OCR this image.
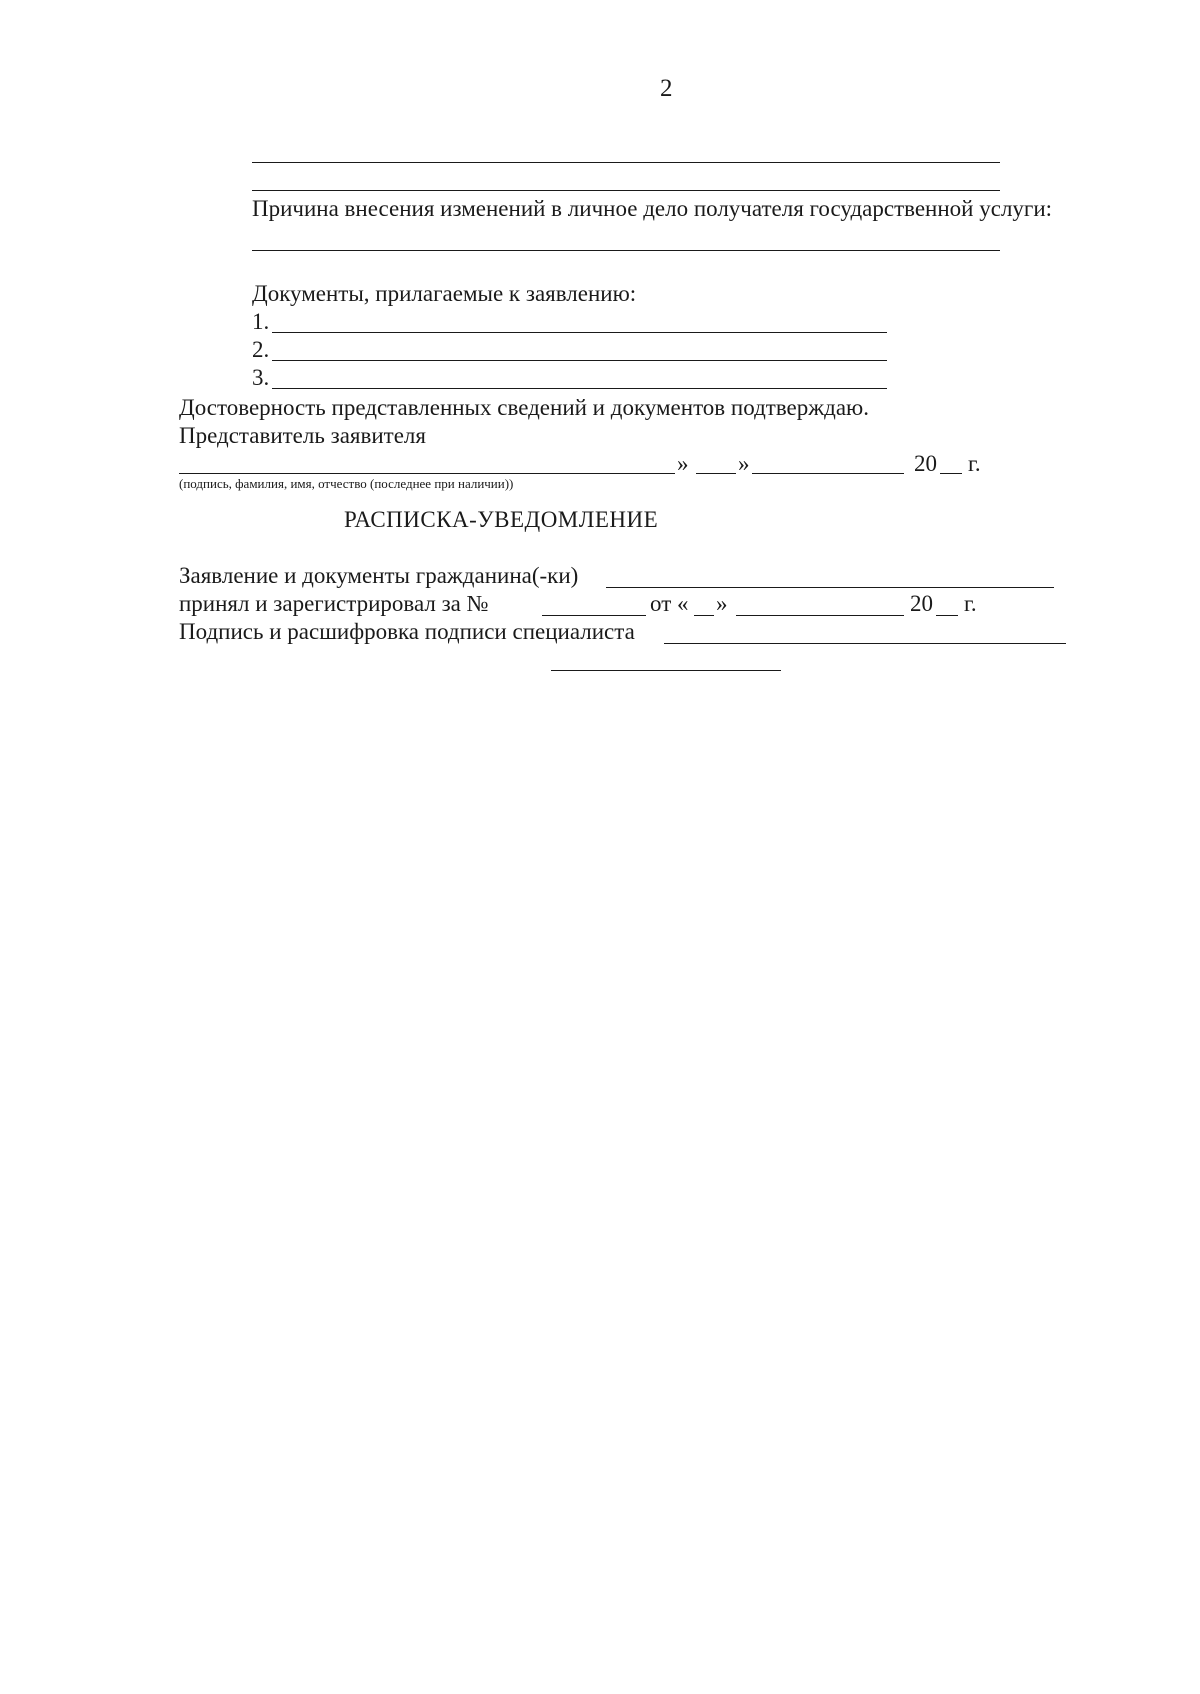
2
Причина внесения изменений в личное дело получателя государственной услуги:
Документы, прилагаемые к заявлению:
1.
2.
3.
Достоверность представленных сведений и документов подтверждаю.
Представитель заявителя
» »	20 г.
(подпись, фамилия, имя, отчество (последнее при наличии))
РАСПИСКА-УВЕДОМЛЕНИЕ
Заявление и документы гражданина(-ки)
принял и зарегистрировал за №	от « »	20 г.
Подпись и расшифровка подписи специалиста
